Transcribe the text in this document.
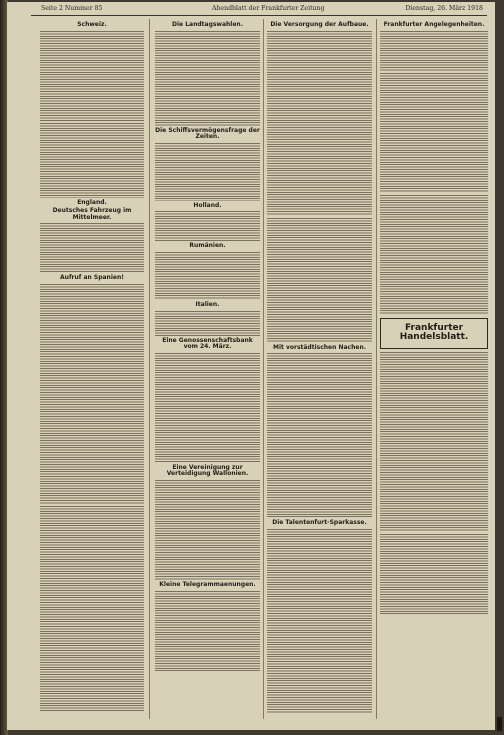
Seite 2 Nummer 85	Abendblatt der Frankfurter Zeitung	Dienstag, 26. März 1918
Schweiz.
England.
Deutsches Fahrzeug im Mittelmeer.
Aufruf an Spanien!
Die Landtagswahlen.
Die Schiffsvermögensfrage der Zeiten.
Holland.
Rumänien.
Italien.
Eine Genossenschaftsbank vom 24. März.
Eine Vereinigung zur Verteidigung Wallonien.
Kleine Telegrammaenungen.
Die Versorgung der Aufbaue.
Mit vorstädtischen Nachen.
Die Talentenfurt-Sparkasse.
Frankfurter Angelegenheiten.
Frankfurter Handelsblatt.
